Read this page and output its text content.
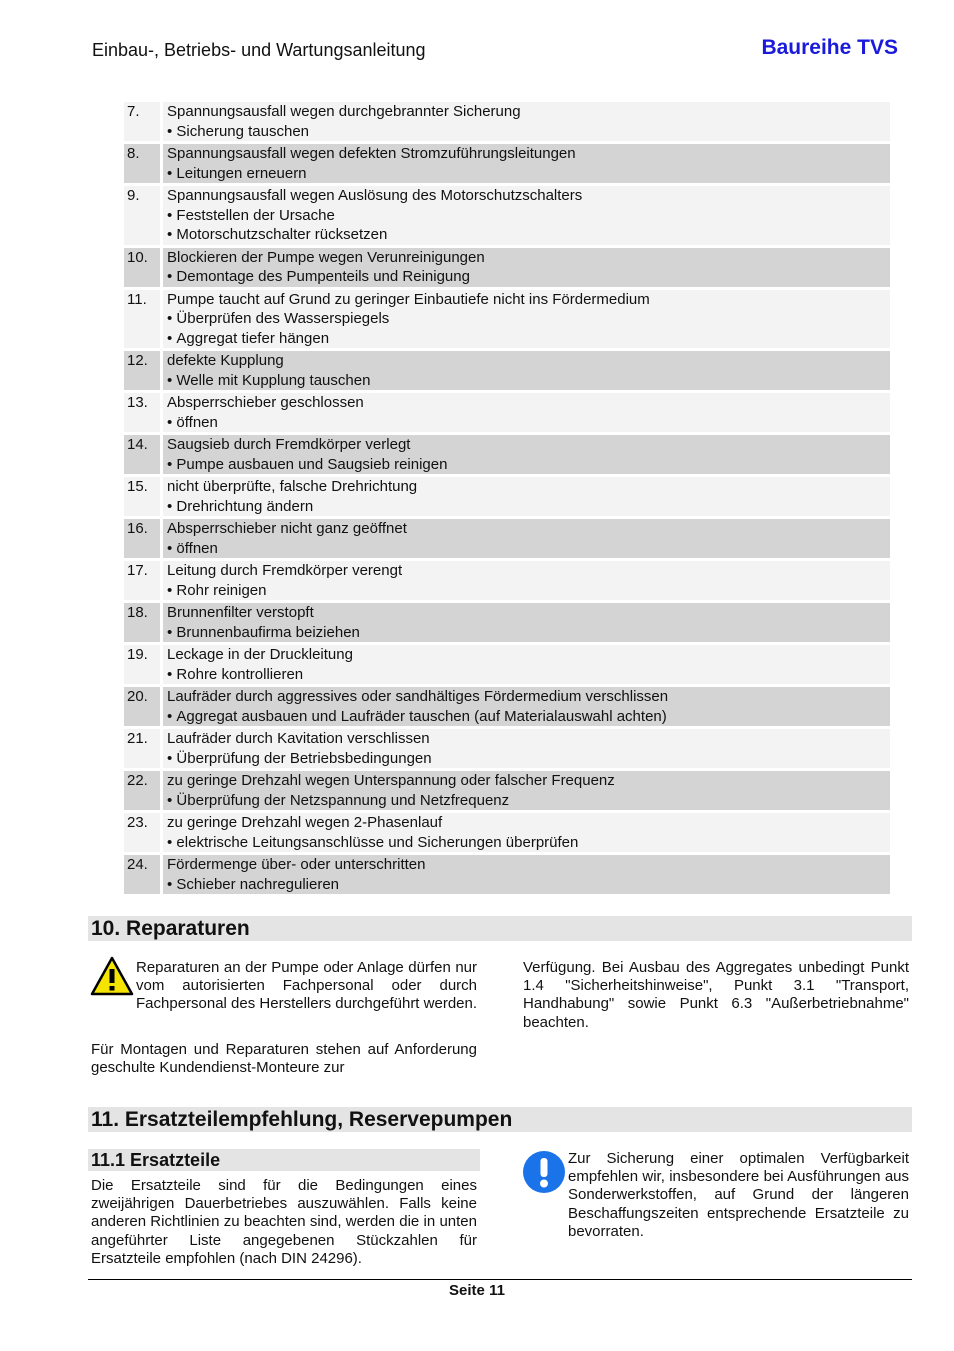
Einbau-, Betriebs- und Wartungsanleitung	Baureihe TVS
7.	Spannungsausfall wegen durchgebrannter Sicherung
• Sicherung tauschen
8.	Spannungsausfall wegen defekten Stromzuführungsleitungen
• Leitungen erneuern
9.	Spannungsausfall wegen Auslösung des Motorschutzschalters
• Feststellen der Ursache
• Motorschutzschalter rücksetzen
10.	Blockieren der Pumpe wegen Verunreinigungen
• Demontage des Pumpenteils und Reinigung
11.	Pumpe taucht auf Grund zu geringer Einbautiefe nicht ins Fördermedium
• Überprüfen des Wasserspiegels
• Aggregat tiefer hängen
12.	defekte Kupplung
• Welle mit Kupplung tauschen
13.	Absperrschieber geschlossen
• öffnen
14.	Saugsieb durch Fremdkörper verlegt
• Pumpe ausbauen und Saugsieb reinigen
15.	nicht überprüfte, falsche Drehrichtung
• Drehrichtung ändern
16.	Absperrschieber nicht ganz geöffnet
• öffnen
17.	Leitung durch Fremdkörper verengt
• Rohr reinigen
18.	Brunnenfilter verstopft
• Brunnenbaufirma beiziehen
19.	Leckage in der Druckleitung
• Rohre kontrollieren
20.	Laufräder durch aggressives oder sandhältiges Fördermedium verschlissen
• Aggregat ausbauen und Laufräder tauschen (auf Materialauswahl achten)
21.	Laufräder durch Kavitation verschlissen
• Überprüfung der Betriebsbedingungen
22.	zu geringe Drehzahl wegen Unterspannung oder falscher Frequenz
• Überprüfung der Netzspannung und Netzfrequenz
23.	zu geringe Drehzahl wegen 2-Phasenlauf
• elektrische Leitungsanschlüsse und Sicherungen überprüfen
24.	Fördermenge über- oder unterschritten
• Schieber nachregulieren
10. Reparaturen
Reparaturen an der Pumpe oder Anlage dürfen nur vom autorisierten Fachpersonal oder durch Fachpersonal des Herstellers durchgeführt werden.
Für Montagen und Reparaturen stehen auf Anforderung geschulte Kundendienst-Monteure zur
Verfügung. Bei Ausbau des Aggregates unbedingt Punkt 1.4 "Sicherheitshinweise", Punkt 3.1 "Transport, Handhabung" sowie Punkt 6.3 "Außerbetriebnahme" beachten.
11. Ersatzteilempfehlung, Reservepumpen
11.1 Ersatzteile
Die Ersatzteile sind für die Bedingungen eines zweijährigen Dauerbetriebes auszuwählen. Falls keine anderen Richtlinien zu beachten sind, werden die in unten angeführter Liste angegebenen Stückzahlen für Ersatzteile empfohlen (nach DIN 24296).
Zur Sicherung einer optimalen Verfügbarkeit empfehlen wir, insbesondere bei Ausführungen aus Sonderwerkstoffen, auf Grund der längeren Beschaffungszeiten entsprechende Ersatzteile zu bevorraten.
Seite 11
